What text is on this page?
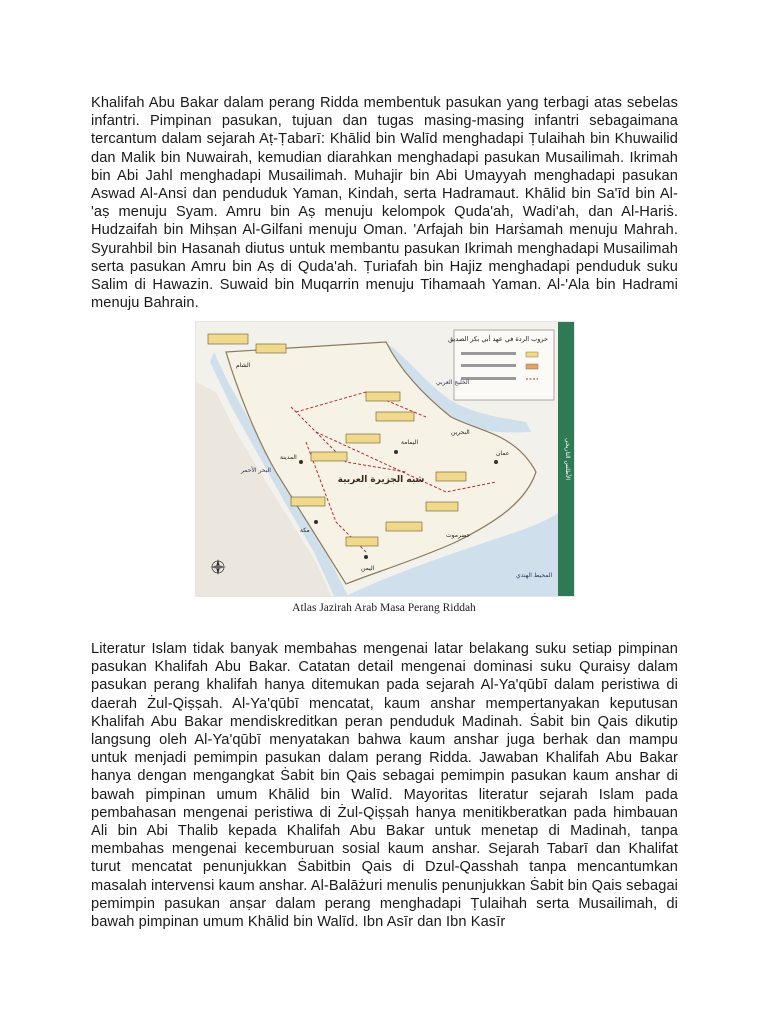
Khalifah Abu Bakar dalam perang Ridda membentuk pasukan yang terbagi atas sebelas infantri. Pimpinan pasukan, tujuan dan tugas masing-masing infantri sebagaimana tercantum dalam sejarah Aṭ-Ṭabarī: Khālid bin Walīd menghadapi Ṭulaihah bin Khuwailid dan Malik bin Nuwairah, kemudian diarahkan menghadapi pasukan Musailimah. Ikrimah bin Abi Jahl menghadapi Musailimah. Muhajir bin Abi Umayyah menghadapi pasukan Aswad Al-Ansi dan penduduk Yaman, Kindah, serta Hadramaut. Khālid bin Sa'īd bin Al-'aṣ menuju Syam. Amru bin Aṣ menuju kelompok Quda'ah, Wadi'ah, dan Al-Hariṡ. Hudzaifah bin Mihṣan Al-Gilfani menuju Oman. 'Arfajah bin Harṡamah menuju Mahrah. Syurahbil bin Hasanah diutus untuk membantu pasukan Ikrimah menghadapi Musailimah serta pasukan Amru bin Aṣ di Quda'ah. Ṭuriafah bin Hajiz menghadapi penduduk suku Salim di Hawazin. Suwaid bin Muqarrin menuju Tihamaah Yaman. Al-'Ala bin Hadrami menuju Bahrain.

حروب الردة في عهد أبي بكر الصديق
شبه الجزيرة العربية
البحر الأحمر
المحيط الهندي
الخليج العربي
اليمامة
عمان
اليمن
المدينة
مكة
البحرين
حضرموت
الشام
الأطلس التاريخي
Atlas Jazirah Arab Masa Perang Riddah

Literatur Islam tidak banyak membahas mengenai latar belakang suku setiap pimpinan pasukan Khalifah Abu Bakar. Catatan detail mengenai dominasi suku Quraisy dalam pasukan perang khalifah hanya ditemukan pada sejarah Al-Ya'qūbī dalam peristiwa di daerah Żul-Qiṣṣah. Al-Ya'qūbī mencatat, kaum anshar mempertanyakan keputusan Khalifah Abu Bakar mendiskreditkan peran penduduk Madinah. Ṡabit bin Qais dikutip langsung oleh Al-Ya'qūbī menyatakan bahwa kaum anshar juga berhak dan mampu untuk menjadi pemimpin pasukan dalam perang Ridda. Jawaban Khalifah Abu Bakar hanya dengan mengangkat Ṡabit bin Qais sebagai pemimpin pasukan kaum anshar di bawah pimpinan umum Khālid bin Walīd. Mayoritas literatur sejarah Islam pada pembahasan mengenai peristiwa di Żul-Qiṣṣah hanya menitikberatkan pada himbauan Ali bin Abi Thalib kepada Khalifah Abu Bakar untuk menetap di Madinah, tanpa membahas mengenai kecemburuan sosial kaum anshar. Sejarah Tabarī dan Khalifat turut mencatat penunjukkan Ṡabitbin Qais di Dzul-Qasshah tanpa mencantumkan masalah intervensi kaum anshar. Al-Balāżuri menulis penunjukkan Ṡabit bin Qais sebagai pemimpin pasukan anṣar dalam perang menghadapi Ṭulaihah serta Musailimah, di bawah pimpinan umum Khālid bin Walīd. Ibn Asīr dan Ibn Kasīr
